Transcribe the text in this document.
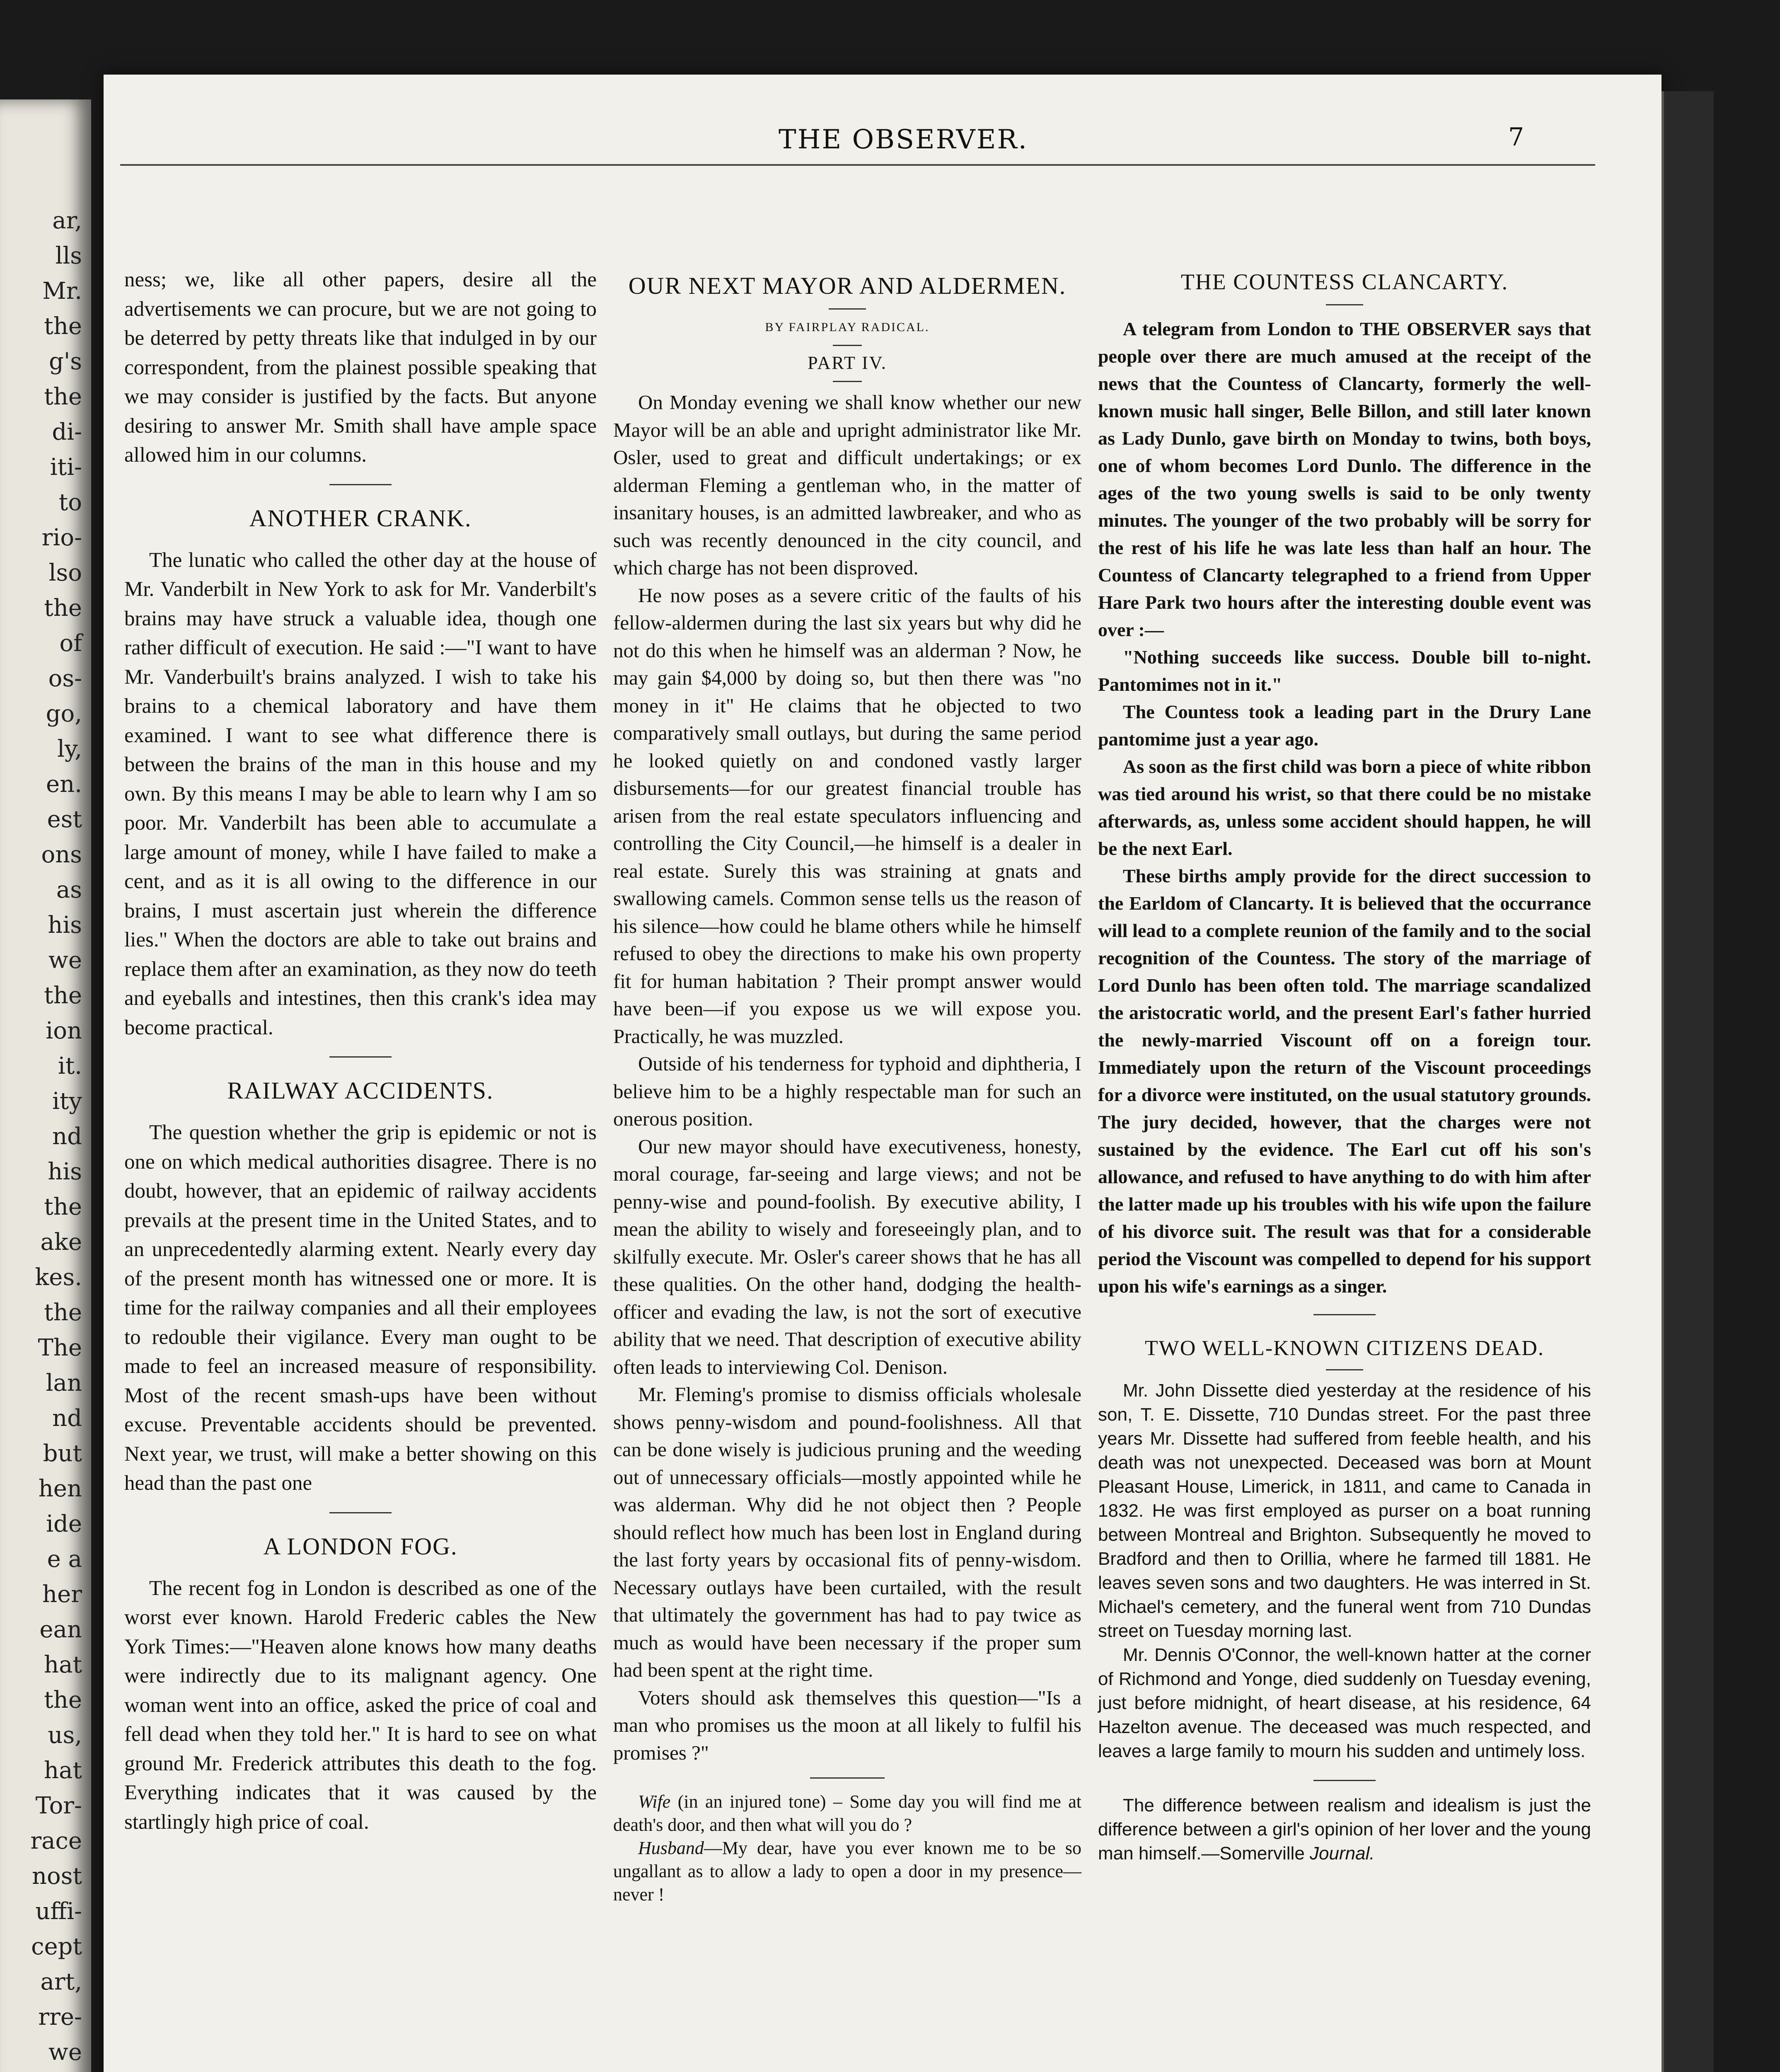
ar,
lls
Mr.
the
g's
the
di-
iti-
to
rio-
lso
the
of
os-
go,
ly,
en.
est
ons
as
his
we
the
ion
it.
ity
nd
his
the
ake
kes.
the
The
lan
nd
but
hen
ide
e a
her
ean
hat
the
us,
hat
Tor-
race
nost
uffi-
cept
art,
rre-
we
THE OBSERVER.	7

ness; we, like all other papers, desire all the advertisements we can procure, but we are not going to be deterred by petty threats like that indulged in by our correspondent, from the plainest possible speaking that we may consider is justified by the facts. But anyone desiring to answer Mr. Smith shall have ample space allowed him in our columns.

ANOTHER CRANK.

The lunatic who called the other day at the house of Mr. Vanderbilt in New York to ask for Mr. Vanderbilt's brains may have struck a valuable idea, though one rather difficult of execution. He said :—"I want to have Mr. Vanderbuilt's brains analyzed. I wish to take his brains to a chemical laboratory and have them examined. I want to see what difference there is between the brains of the man in this house and my own. By this means I may be able to learn why I am so poor. Mr. Vanderbilt has been able to accumulate a large amount of money, while I have failed to make a cent, and as it is all owing to the difference in our brains, I must ascertain just wherein the difference lies." When the doctors are able to take out brains and replace them after an examination, as they now do teeth and eyeballs and intestines, then this crank's idea may become practical.

RAILWAY ACCIDENTS.

The question whether the grip is epidemic or not is one on which medical authorities disagree. There is no doubt, however, that an epidemic of railway accidents prevails at the present time in the United States, and to an unprecedentedly alarming extent. Nearly every day of the present month has witnessed one or more. It is time for the railway companies and all their employees to redouble their vigilance. Every man ought to be made to feel an increased measure of responsibility. Most of the recent smash-ups have been without excuse. Preventable accidents should be prevented. Next year, we trust, will make a better showing on this head than the past one

A LONDON FOG.

The recent fog in London is described as one of the worst ever known. Harold Frederic cables the New York Times:—"Heaven alone knows how many deaths were indirectly due to its malignant agency. One woman went into an office, asked the price of coal and fell dead when they told her." It is hard to see on what ground Mr. Frederick attributes this death to the fog. Everything indicates that it was caused by the startlingly high price of coal.

OUR NEXT MAYOR AND ALDERMEN.
BY FAIRPLAY RADICAL.
PART IV.

On Monday evening we shall know whether our new Mayor will be an able and upright administrator like Mr. Osler, used to great and difficult undertakings; or ex alderman Fleming a gentleman who, in the matter of insanitary houses, is an admitted lawbreaker, and who as such was recently denounced in the city council, and which charge has not been disproved.

He now poses as a severe critic of the faults of his fellow-aldermen during the last six years but why did he not do this when he himself was an alderman ? Now, he may gain $4,000 by doing so, but then there was "no money in it" He claims that he objected to two comparatively small outlays, but during the same period he looked quietly on and condoned vastly larger disbursements—for our greatest financial trouble has arisen from the real estate speculators influencing and controlling the City Council,—he himself is a dealer in real estate. Surely this was straining at gnats and swallowing camels. Common sense tells us the reason of his silence—how could he blame others while he himself refused to obey the directions to make his own property fit for human habitation ? Their prompt answer would have been—if you expose us we will expose you. Practically, he was muzzled.

Outside of his tenderness for typhoid and diphtheria, I believe him to be a highly respectable man for such an onerous position.

Our new mayor should have executiveness, honesty, moral courage, far-seeing and large views; and not be penny-wise and pound-foolish. By executive ability, I mean the ability to wisely and foreseeingly plan, and to skilfully execute. Mr. Osler's career shows that he has all these qualities. On the other hand, dodging the health-officer and evading the law, is not the sort of executive ability that we need. That description of executive ability often leads to interviewing Col. Denison.

Mr. Fleming's promise to dismiss officials wholesale shows penny-wisdom and pound-foolishness. All that can be done wisely is judicious pruning and the weeding out of unnecessary officials—mostly appointed while he was alderman. Why did he not object then ? People should reflect how much has been lost in England during the last forty years by occasional fits of penny-wisdom. Necessary outlays have been curtailed, with the result that ultimately the government has had to pay twice as much as would have been necessary if the proper sum had been spent at the right time.

Voters should ask themselves this question—"Is a man who promises us the moon at all likely to fulfil his promises ?"

Wife (in an injured tone) – Some day you will find me at death's door, and then what will you do ?

Husband—My dear, have you ever known me to be so ungallant as to allow a lady to open a door in my presence—never !

THE COUNTESS CLANCARTY.

A telegram from London to THE OBSERVER says that people over there are much amused at the receipt of the news that the Countess of Clancarty, formerly the well-known music hall singer, Belle Billon, and still later known as Lady Dunlo, gave birth on Monday to twins, both boys, one of whom becomes Lord Dunlo. The difference in the ages of the two young swells is said to be only twenty minutes. The younger of the two probably will be sorry for the rest of his life he was late less than half an hour. The Countess of Clancarty telegraphed to a friend from Upper Hare Park two hours after the interesting double event was over :—

"Nothing succeeds like success. Double bill to-night. Pantomimes not in it."

The Countess took a leading part in the Drury Lane pantomime just a year ago.

As soon as the first child was born a piece of white ribbon was tied around his wrist, so that there could be no mistake afterwards, as, unless some accident should happen, he will be the next Earl.

These births amply provide for the direct succession to the Earldom of Clancarty. It is believed that the occurrance will lead to a complete reunion of the family and to the social recognition of the Countess. The story of the marriage of Lord Dunlo has been often told. The marriage scandalized the aristocratic world, and the present Earl's father hurried the newly-married Viscount off on a foreign tour. Immediately upon the return of the Viscount proceedings for a divorce were instituted, on the usual statutory grounds. The jury decided, however, that the charges were not sustained by the evidence. The Earl cut off his son's allowance, and refused to have anything to do with him after the latter made up his troubles with his wife upon the failure of his divorce suit. The result was that for a considerable period the Viscount was compelled to depend for his support upon his wife's earnings as a singer.

TWO WELL-KNOWN CITIZENS DEAD.

Mr. John Dissette died yesterday at the residence of his son, T. E. Dissette, 710 Dundas street. For the past three years Mr. Dissette had suffered from feeble health, and his death was not unexpected. Deceased was born at Mount Pleasant House, Limerick, in 1811, and came to Canada in 1832. He was first employed as purser on a boat running between Montreal and Brighton. Subsequently he moved to Bradford and then to Orillia, where he farmed till 1881. He leaves seven sons and two daughters. He was interred in St. Michael's cemetery, and the funeral went from 710 Dundas street on Tuesday morning last.

Mr. Dennis O'Connor, the well-known hatter at the corner of Richmond and Yonge, died suddenly on Tuesday evening, just before midnight, of heart disease, at his residence, 64 Hazelton avenue. The deceased was much respected, and leaves a large family to mourn his sudden and untimely loss.

The difference between realism and idealism is just the difference between a girl's opinion of her lover and the young man himself.—Somerville Journal.
